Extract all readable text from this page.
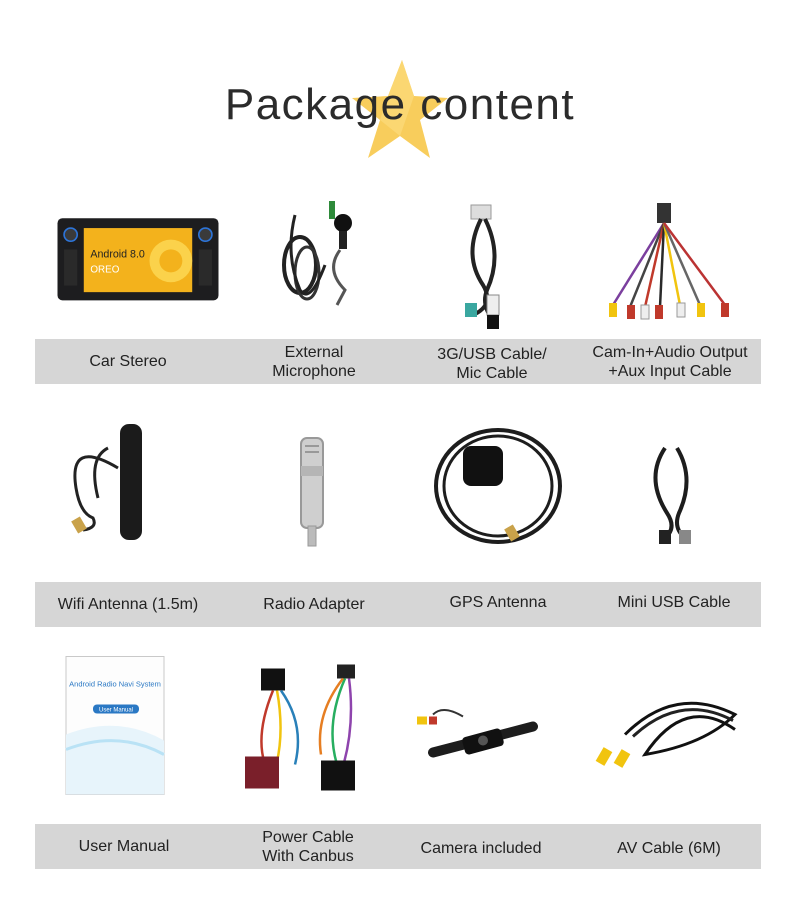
Package content
Android 8.0
OREO
Car Stereo
External
Microphone
3G/USB Cable/
Mic Cable
Cam-In+Audio Output
+Aux Input Cable
Wifi Antenna (1.5m)	Radio Adapter	GPS Antenna	Mini USB Cable
Android Radio Navi System
User Manual
User Manual
Power Cable
With Canbus	Camera included	AV Cable (6M)
